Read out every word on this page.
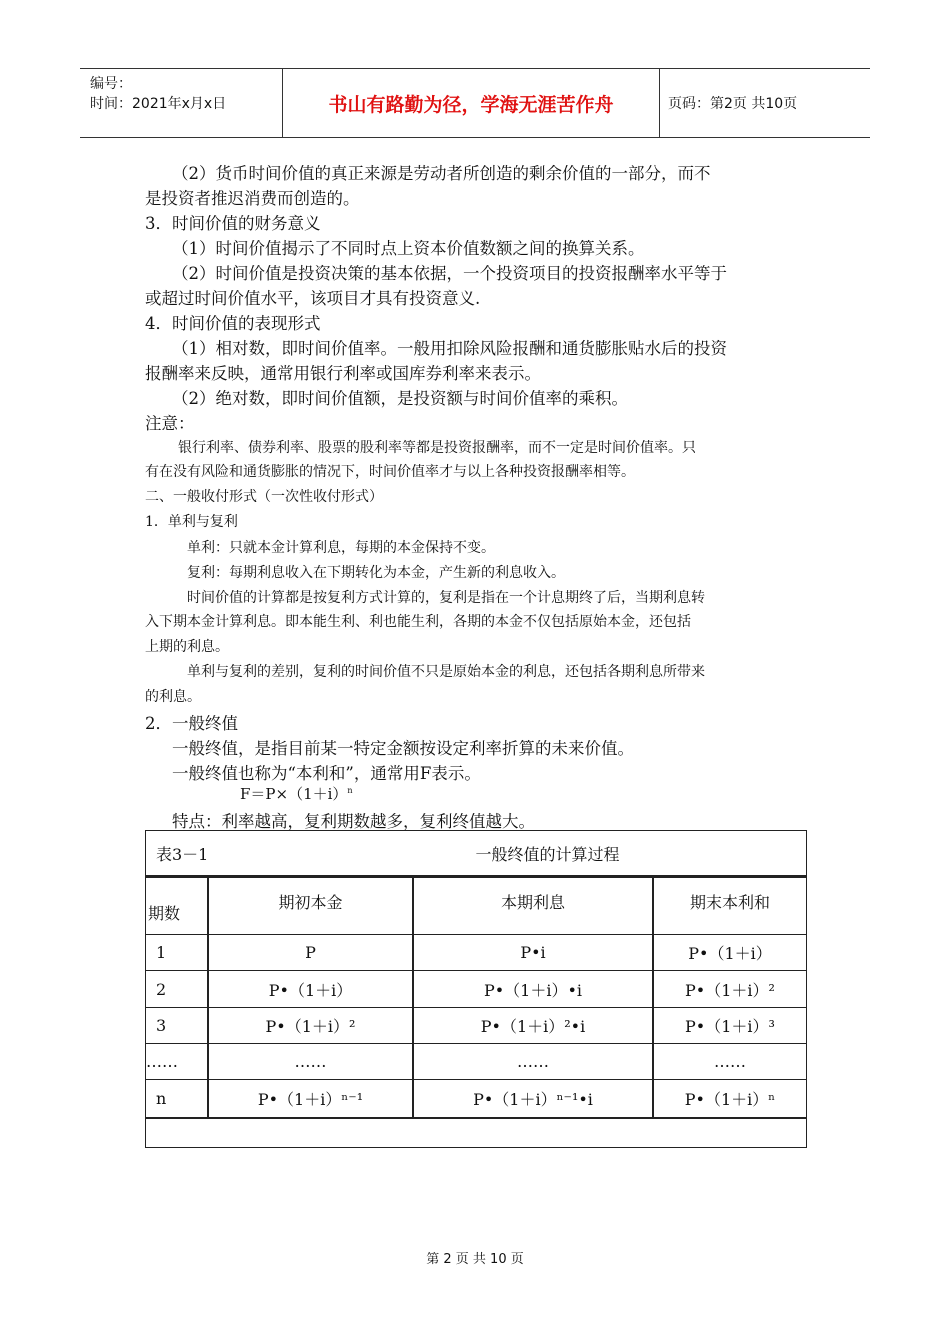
编号：
时间：2021年x月x日	书山有路勤为径，学海无涯苦作舟	页码：第2页 共10页
（2）货币时间价值的真正来源是劳动者所创造的剩余价值的一部分，而不
是投资者推迟消费而创造的。
3．时间价值的财务意义
（1）时间价值揭示了不同时点上资本价值数额之间的换算关系。
（2）时间价值是投资决策的基本依据，一个投资项目的投资报酬率水平等于
或超过时间价值水平，该项目才具有投资意义.
4．时间价值的表现形式
（1）相对数，即时间价值率。一般用扣除风险报酬和通货膨胀贴水后的投资
报酬率来反映，通常用银行利率或国库券利率来表示。
（2）绝对数，即时间价值额，是投资额与时间价值率的乘积。
注意：
银行利率、债券利率、股票的股利率等都是投资报酬率，而不一定是时间价值率。只
有在没有风险和通货膨胀的情况下，时间价值率才与以上各种投资报酬率相等。
二、一般收付形式（一次性收付形式）
1．单利与复利
单利：只就本金计算利息，每期的本金保持不变。
复利：每期利息收入在下期转化为本金，产生新的利息收入。
时间价值的计算都是按复利方式计算的，复利是指在一个计息期终了后，当期利息转
入下期本金计算利息。即本能生利、利也能生利，各期的本金不仅包括原始本金，还包括
上期的利息。
单利与复利的差别，复利的时间价值不只是原始本金的利息，还包括各期利息所带来
的利息。
2．一般终值
一般终值，是指目前某一特定金额按设定利率折算的未来价值。
一般终值也称为“本利和”，通常用F表示。
$F=P\times(1+i)^n$
特点：利率越高，复利期数越多，复利终值越大。
表3－1 一般终值的计算过程			

期数	期初本金	本期利息	期末本利和
1	P	P•i	P•（1＋i）
2	P•（1＋i）	P•（1＋i）•i	P•（1＋i）²
3	P•（1＋i）²	P•（1＋i）²•i	P•（1＋i）³
……	……	……	……
n	P•（1＋i）ⁿ⁻¹	P•（1＋i）ⁿ⁻¹•i	P•（1＋i）ⁿ

第 2 页 共 10 页
